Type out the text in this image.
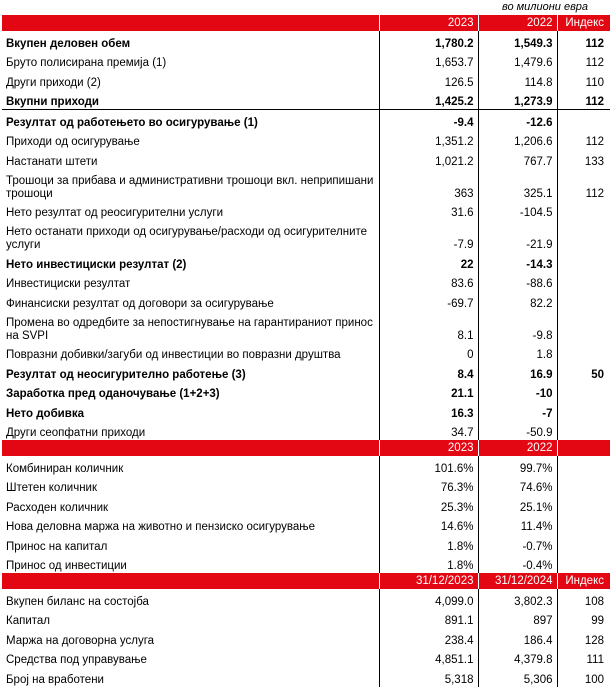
во милиони евра
	2023	2022	Индекс
Вкупен деловен обем	1,780.2	1,549.3	112
Бруто полисирана премија (1)	1,653.7	1,479.6	112
Други приходи (2)	126.5	114.8	110
Вкупни приходи	1,425.2	1,273.9	112
Резултат од работењето во осигурување (1)	-9.4	-12.6	
Приходи од осигурување	1,351.2	1,206.6	112
Настанати штети	1,021.2	767.7	133
Трошоци за прибава и административни трошоци вкл. неприпишани трошоци	363	325.1	112
Нето резултат од реосигурителни услуги	31.6	-104.5	
Нето останати приходи од осигурување/расходи од осигурителните услуги	-7.9	-21.9	
Нето инвестициски резултат (2)	22	-14.3	
Инвестициски резултат	83.6	-88.6	
Финансиски резултат од договори за осигурување	-69.7	82.2	
Промена во одредбите за непостигнување на гарантираниот принос на SVPI	8.1	-9.8	
Повразни добивки/загуби од инвестиции во повразни друштва	0	1.8	
Резултат од неосигурително работење (3)	8.4	16.9	50
Заработка пред оданочување (1+2+3)	21.1	-10	
Нето добивка	16.3	-7	
Други сеопфатни приходи	34.7	-50.9	
	2023	2022	
Комбиниран количник	101.6%	99.7%	
Штетен количник	76.3%	74.6%	
Расходен количник	25.3%	25.1%	
Нова деловна маржа на животно и пензиско осигурување	14.6%	11.4%	
Принос на капитал	1.8%	-0.7%	
Принос од инвестиции	1.8%	-0.4%	
	31/12/2023	31/12/2024	Индекс
Вкупен биланс на состојба	4,099.0	3,802.3	108
Капитал	891.1	897	99
Маржа на договорна услуга	238.4	186.4	128
Средства под управување	4,851.1	4,379.8	111
Број на вработени	5,318	5,306	100
